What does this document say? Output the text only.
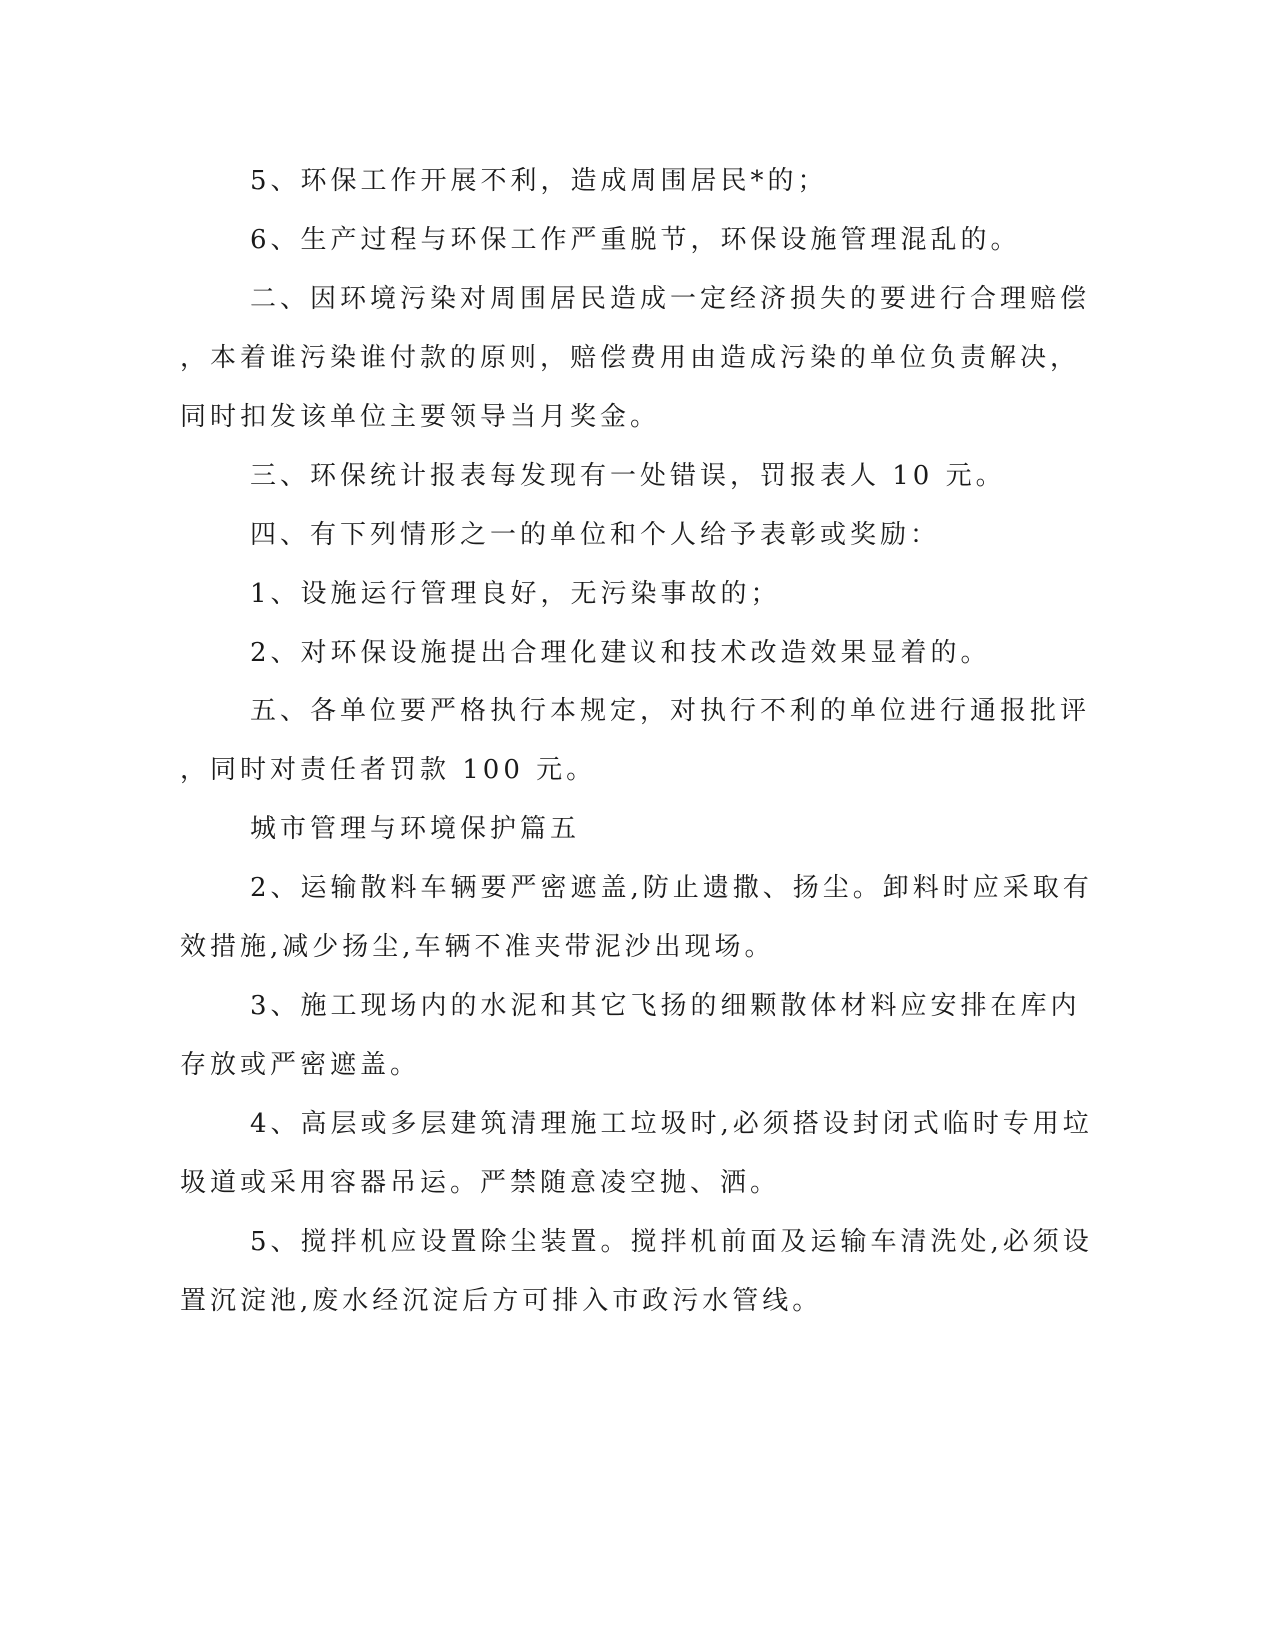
5、环保工作开展不利，造成周围居民*的；

6、生产过程与环保工作严重脱节，环保设施管理混乱的。

二、因环境污染对周围居民造成一定经济损失的要进行合理赔偿

，本着谁污染谁付款的原则，赔偿费用由造成污染的单位负责解决，

同时扣发该单位主要领导当月奖金。

三、环保统计报表每发现有一处错误，罚报表人 10 元。

四、有下列情形之一的单位和个人给予表彰或奖励：

1、设施运行管理良好，无污染事故的；

2、对环保设施提出合理化建议和技术改造效果显着的。

五、各单位要严格执行本规定，对执行不利的单位进行通报批评

，同时对责任者罚款 100 元。

城市管理与环境保护篇五

2、运输散料车辆要严密遮盖,防止遗撒、扬尘。卸料时应采取有

效措施,减少扬尘,车辆不准夹带泥沙出现场。

3、施工现场内的水泥和其它飞扬的细颗散体材料应安排在库内

存放或严密遮盖。

4、高层或多层建筑清理施工垃圾时,必须搭设封闭式临时专用垃

圾道或采用容器吊运。严禁随意凌空抛、洒。

5、搅拌机应设置除尘装置。搅拌机前面及运输车清洗处,必须设

置沉淀池,废水经沉淀后方可排入市政污水管线。
